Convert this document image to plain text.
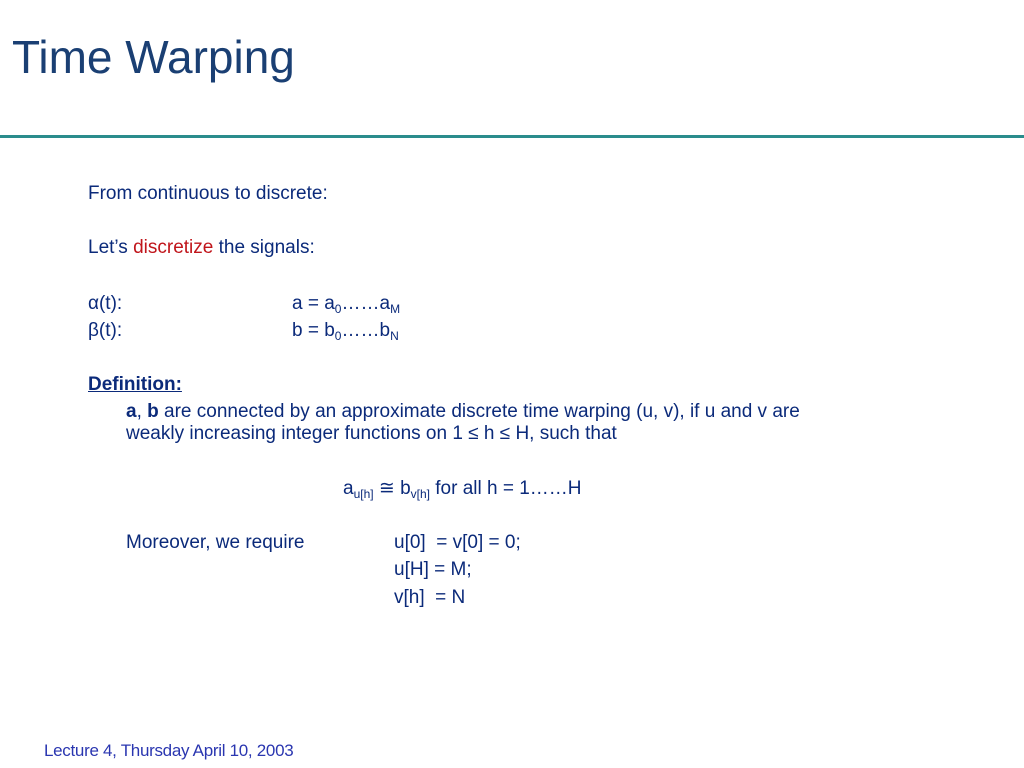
Time Warping
From continuous to discrete:
Let’s discretize the signals:
α(t):	$a = a_0\dots\dots a_M$
β(t):	$b = b_0\dots\dots b_N$
Definition:
a, b are connected by an approximate discrete time warping (u, v), if u and v are
weakly increasing integer functions on 1 ≤ h ≤ H, such that
$a_{u[h]}$ ≅ $b_{v[h]}$ for all h = 1……H
Moreover, we require	u[0]  = v[0] = 0;
u[H] = M;
v[h]  = N
Lecture 4, Thursday April 10, 2003
